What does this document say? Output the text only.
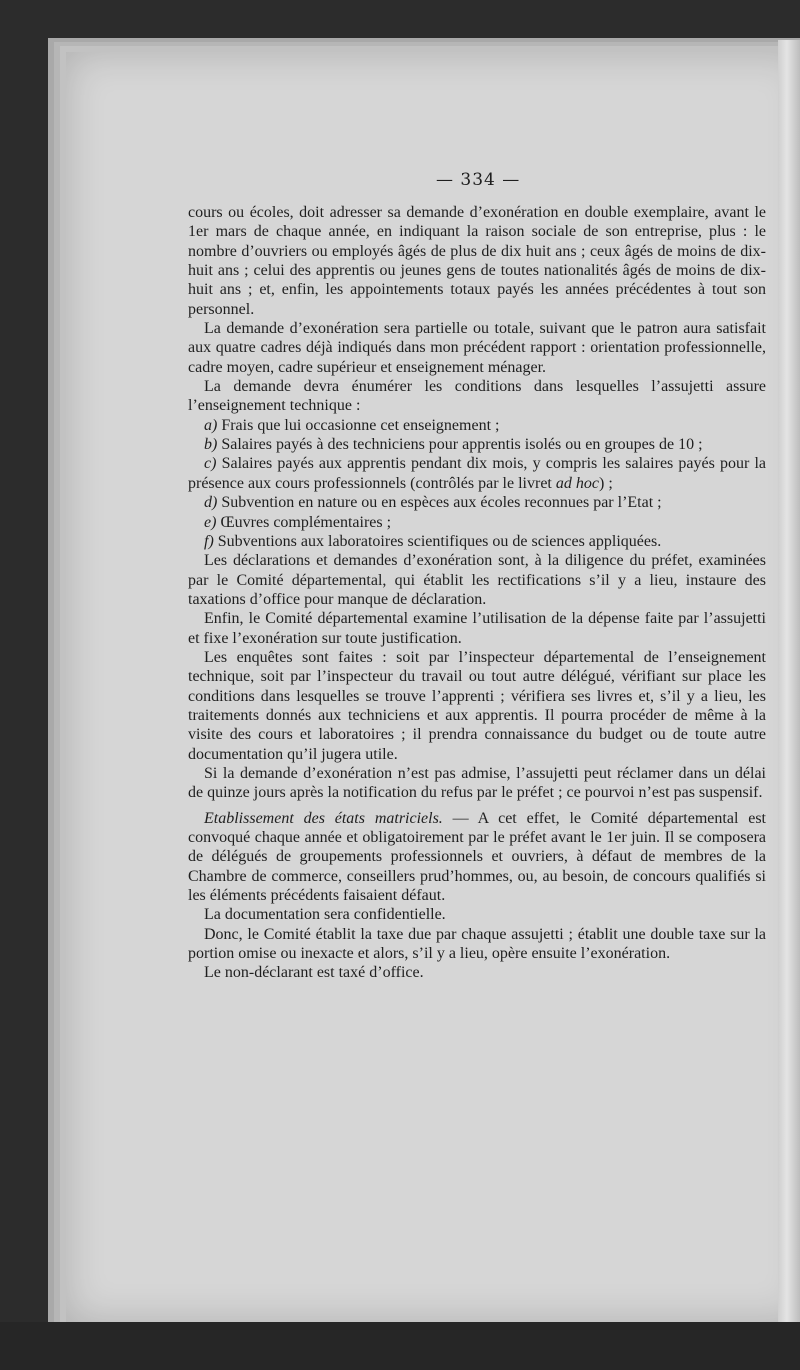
— 334 —

cours ou écoles, doit adresser sa demande d’exonération en double exemplaire, avant le 1er mars de chaque année, en indiquant la raison sociale de son entreprise, plus : le nombre d’ouvriers ou employés âgés de plus de dix huit ans ; ceux âgés de moins de dix-huit ans ; celui des apprentis ou jeunes gens de toutes nationalités âgés de moins de dix-huit ans ; et, enfin, les appointements totaux payés les années précédentes à tout son personnel.

La demande d’exonération sera partielle ou totale, suivant que le patron aura satisfait aux quatre cadres déjà indiqués dans mon précédent rapport : orientation professionnelle, cadre moyen, cadre supérieur et enseignement ménager.

La demande devra énumérer les conditions dans lesquelles l’assujetti assure l’enseignement technique :

a) Frais que lui occasionne cet enseignement ;

b) Salaires payés à des techniciens pour apprentis isolés ou en groupes de 10 ;

c) Salaires payés aux apprentis pendant dix mois, y compris les salaires payés pour la présence aux cours professionnels (contrôlés par le livret ad hoc) ;

d) Subvention en nature ou en espèces aux écoles reconnues par l’Etat ;

e) Œuvres complémentaires ;

f) Subventions aux laboratoires scientifiques ou de sciences appliquées.

Les déclarations et demandes d’exonération sont, à la diligence du préfet, examinées par le Comité départemental, qui établit les rectifications s’il y a lieu, instaure des taxations d’office pour manque de déclaration.

Enfin, le Comité départemental examine l’utilisation de la dépense faite par l’assujetti et fixe l’exonération sur toute justification.

Les enquêtes sont faites : soit par l’inspecteur départemental de l’enseignement technique, soit par l’inspecteur du travail ou tout autre délégué, vérifiant sur place les conditions dans lesquelles se trouve l’apprenti ; vérifiera ses livres et, s’il y a lieu, les traitements donnés aux techniciens et aux apprentis. Il pourra procéder de même à la visite des cours et laboratoires ; il prendra connaissance du budget ou de toute autre documentation qu’il jugera utile.

Si la demande d’exonération n’est pas admise, l’assujetti peut réclamer dans un délai de quinze jours après la notification du refus par le préfet ; ce pourvoi n’est pas suspensif.

Etablissement des états matriciels. — A cet effet, le Comité départemental est convoqué chaque année et obligatoirement par le préfet avant le 1er juin. Il se composera de délégués de groupements professionnels et ouvriers, à défaut de membres de la Chambre de commerce, conseillers prud’hommes, ou, au besoin, de concours qualifiés si les éléments précédents faisaient défaut.

La documentation sera confidentielle.

Donc, le Comité établit la taxe due par chaque assujetti ; établit une double taxe sur la portion omise ou inexacte et alors, s’il y a lieu, opère ensuite l’exonération.

Le non-déclarant est taxé d’office.
